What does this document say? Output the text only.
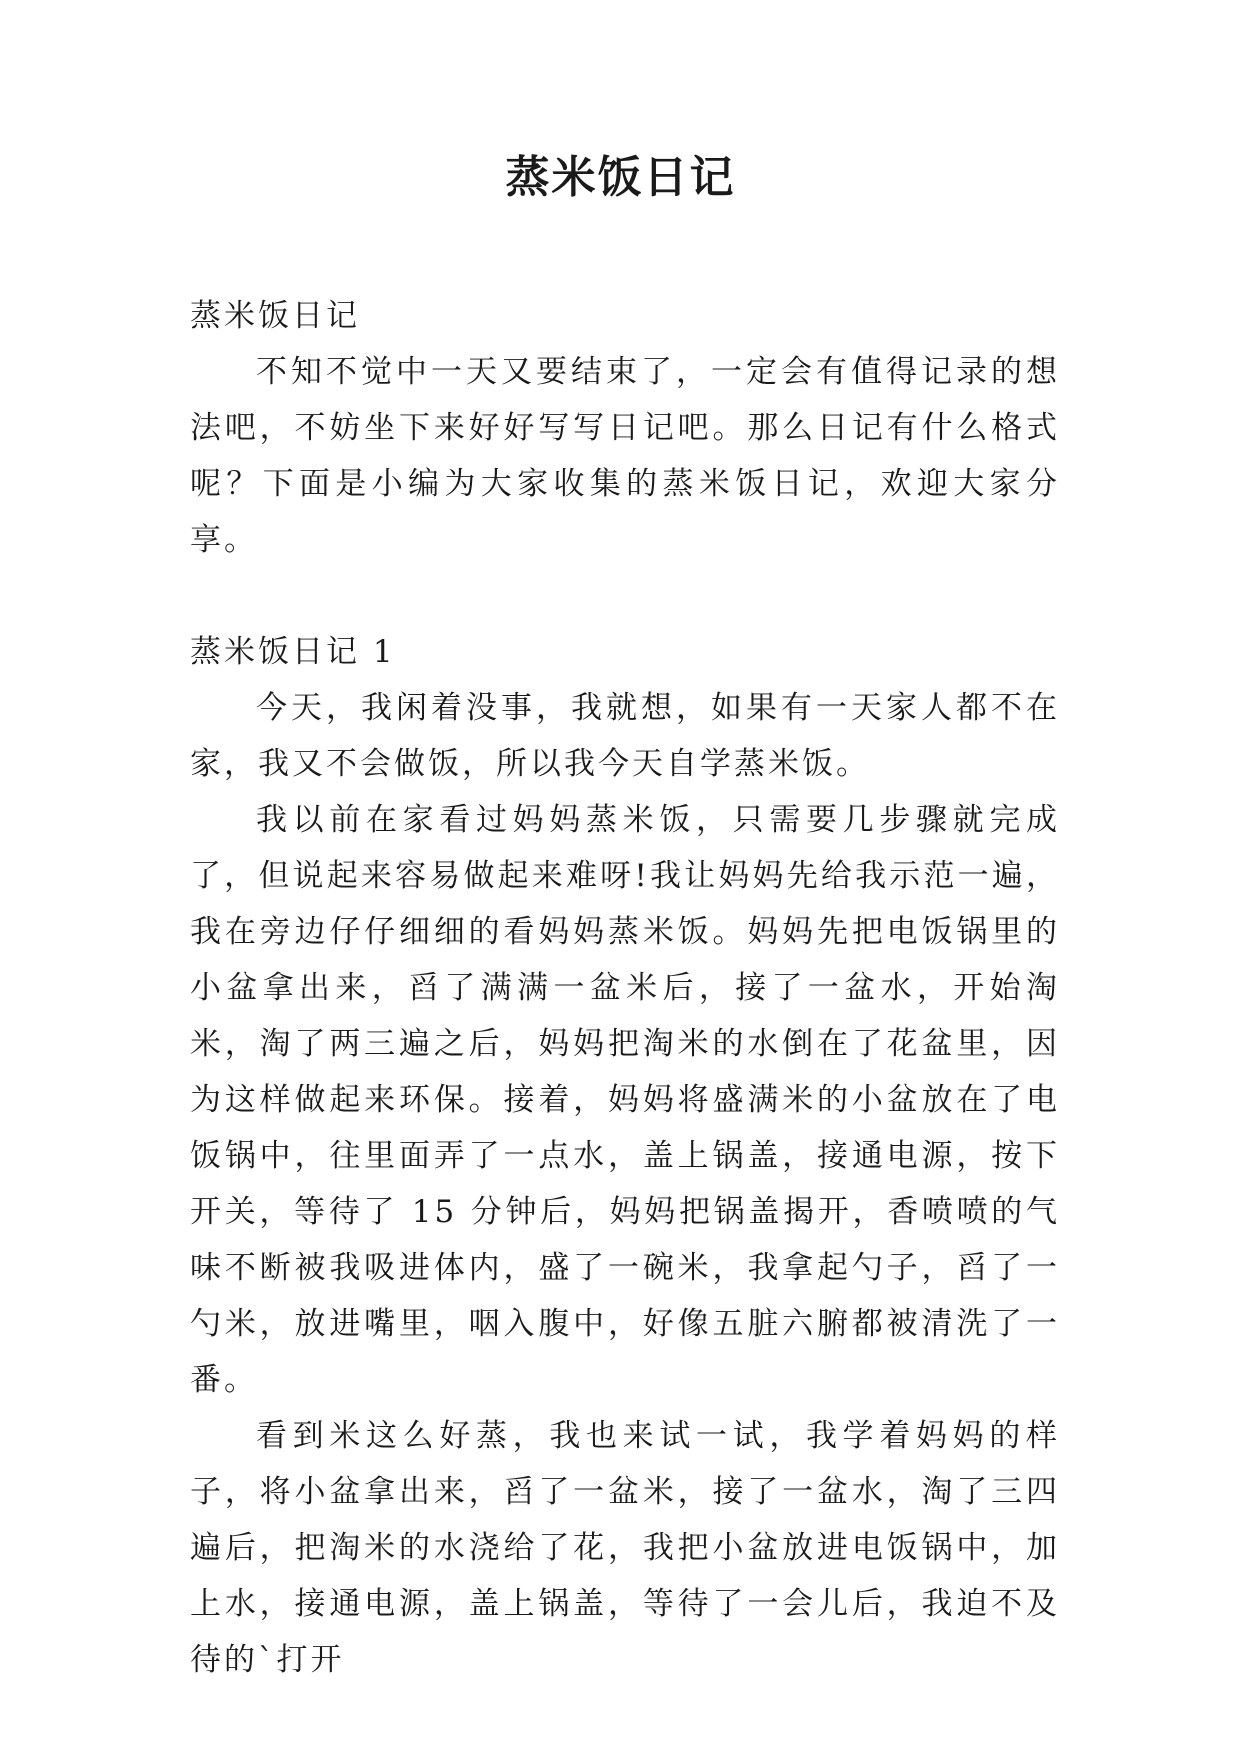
蒸米饭日记

蒸米饭日记

不知不觉中一天又要结束了，一定会有值得记录的想法吧，不妨坐下来好好写写日记吧。那么日记有什么格式呢？下面是小编为大家收集的蒸米饭日记，欢迎大家分享。

蒸米饭日记 1

今天，我闲着没事，我就想，如果有一天家人都不在家，我又不会做饭，所以我今天自学蒸米饭。

我以前在家看过妈妈蒸米饭，只需要几步骤就完成了，但说起来容易做起来难呀!我让妈妈先给我示范一遍，我在旁边仔仔细细的看妈妈蒸米饭。妈妈先把电饭锅里的小盆拿出来，舀了满满一盆米后，接了一盆水，开始淘米，淘了两三遍之后，妈妈把淘米的水倒在了花盆里，因为这样做起来环保。接着，妈妈将盛满米的小盆放在了电饭锅中，往里面弄了一点水，盖上锅盖，接通电源，按下开关，等待了 15 分钟后，妈妈把锅盖揭开，香喷喷的气味不断被我吸进体内，盛了一碗米，我拿起勺子，舀了一勺米，放进嘴里，咽入腹中，好像五脏六腑都被清洗了一番。

看到米这么好蒸，我也来试一试，我学着妈妈的样子，将小盆拿出来，舀了一盆米，接了一盆水，淘了三四遍后，把淘米的水浇给了花，我把小盆放进电饭锅中，加上水，接通电源，盖上锅盖，等待了一会儿后，我迫不及待的`打开
